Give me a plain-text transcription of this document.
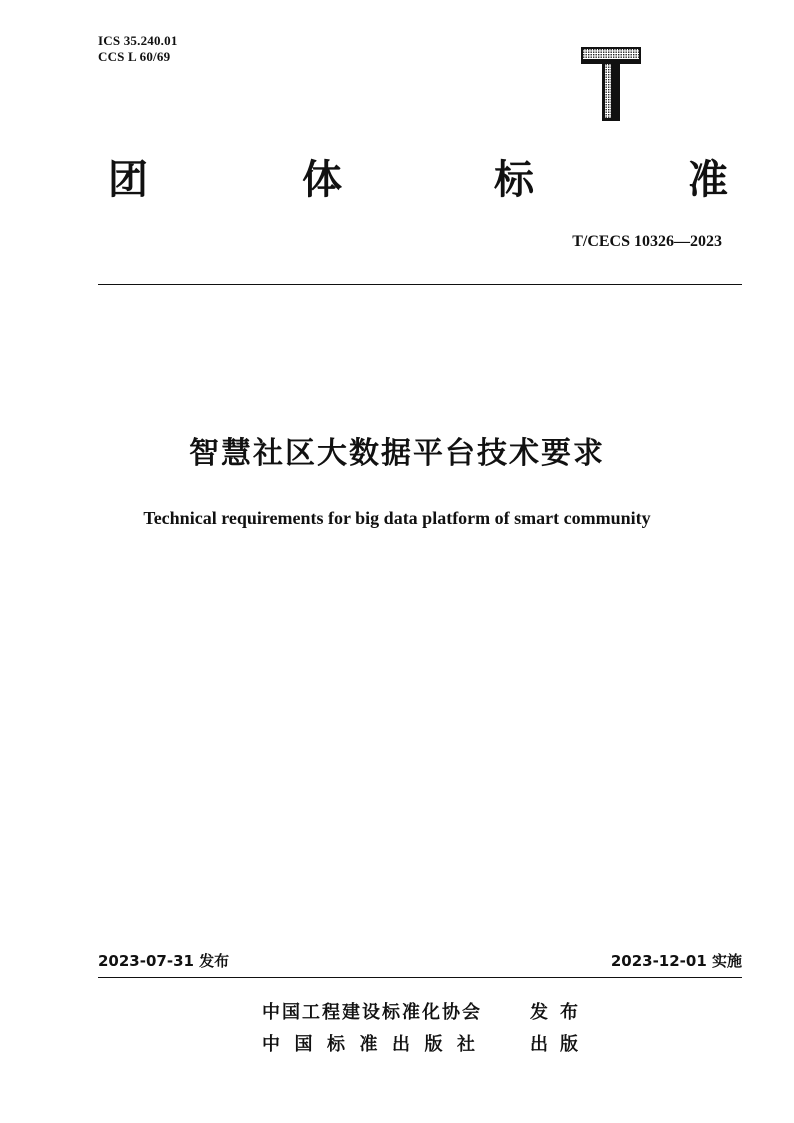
ICS 35.240.01
CCS L 60/69
团	体	标	准
T/CECS 10326—2023
智慧社区大数据平台技术要求
Technical requirements for big data platform of smart community
2023-07-31 发布	2023-12-01 实施
中国工程建设标准化协会	发布
中国标准出版社 出版
